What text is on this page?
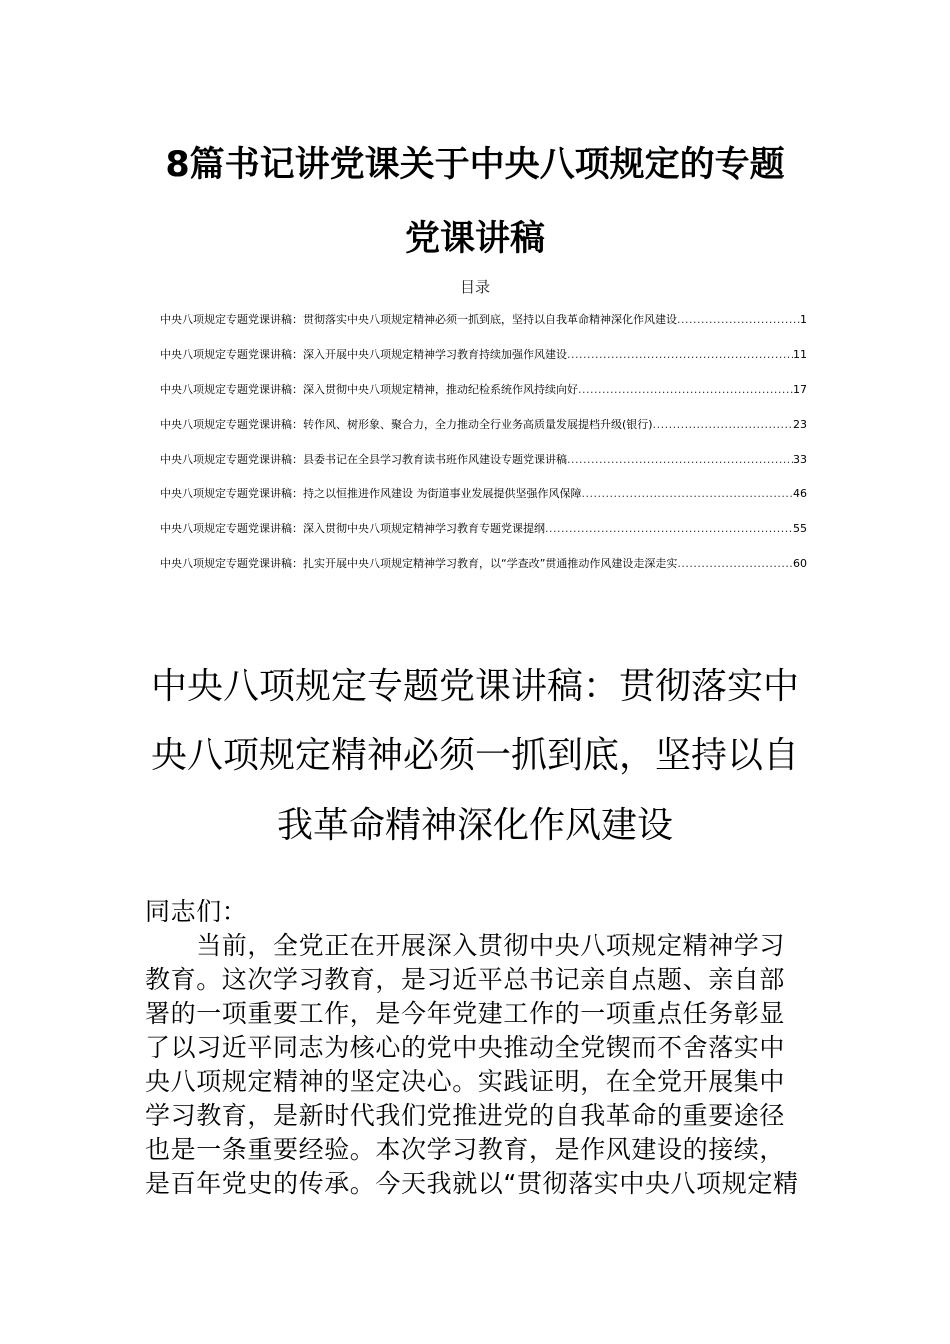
8篇书记讲党课关于中央八项规定的专题
党课讲稿
目录
中央八项规定专题党课讲稿：贯彻落实中央八项规定精神必须一抓到底，坚持以自我革命精神深化作风建设 .....	1
中央八项规定专题党课讲稿：深入开展中央八项规定精神学习教育持续加强作风建设 .....	11
中央八项规定专题党课讲稿：深入贯彻中央八项规定精神，推动纪检系统作风持续向好 .....	17
中央八项规定专题党课讲稿：转作风、树形象、聚合力，全力推动全行业务高质量发展提档升级(银行) .....	23
中央八项规定专题党课讲稿：县委书记在全县学习教育读书班作风建设专题党课讲稿 .....	33
中央八项规定专题党课讲稿：持之以恒推进作风建设 为街道事业发展提供坚强作风保障 .....	46
中央八项规定专题党课讲稿：深入贯彻中央八项规定精神学习教育专题党课提纲 .....	55
中央八项规定专题党课讲稿：扎实开展中央八项规定精神学习教育，以“学查改”贯通推动作风建设走深走实 .....	60
中央八项规定专题党课讲稿：贯彻落实中
央八项规定精神必须一抓到底，坚持以自
我革命精神深化作风建设
同志们：
　　当前，全党正在开展深入贯彻中央八项规定精神学习
教育。这次学习教育，是习近平总书记亲自点题、亲自部
署的一项重要工作，是今年党建工作的一项重点任务彰显
了以习近平同志为核心的党中央推动全党锲而不舍落实中
央八项规定精神的坚定决心。实践证明，在全党开展集中
学习教育，是新时代我们党推进党的自我革命的重要途径
也是一条重要经验。本次学习教育，是作风建设的接续，
是百年党史的传承。今天我就以“贯彻落实中央八项规定精
